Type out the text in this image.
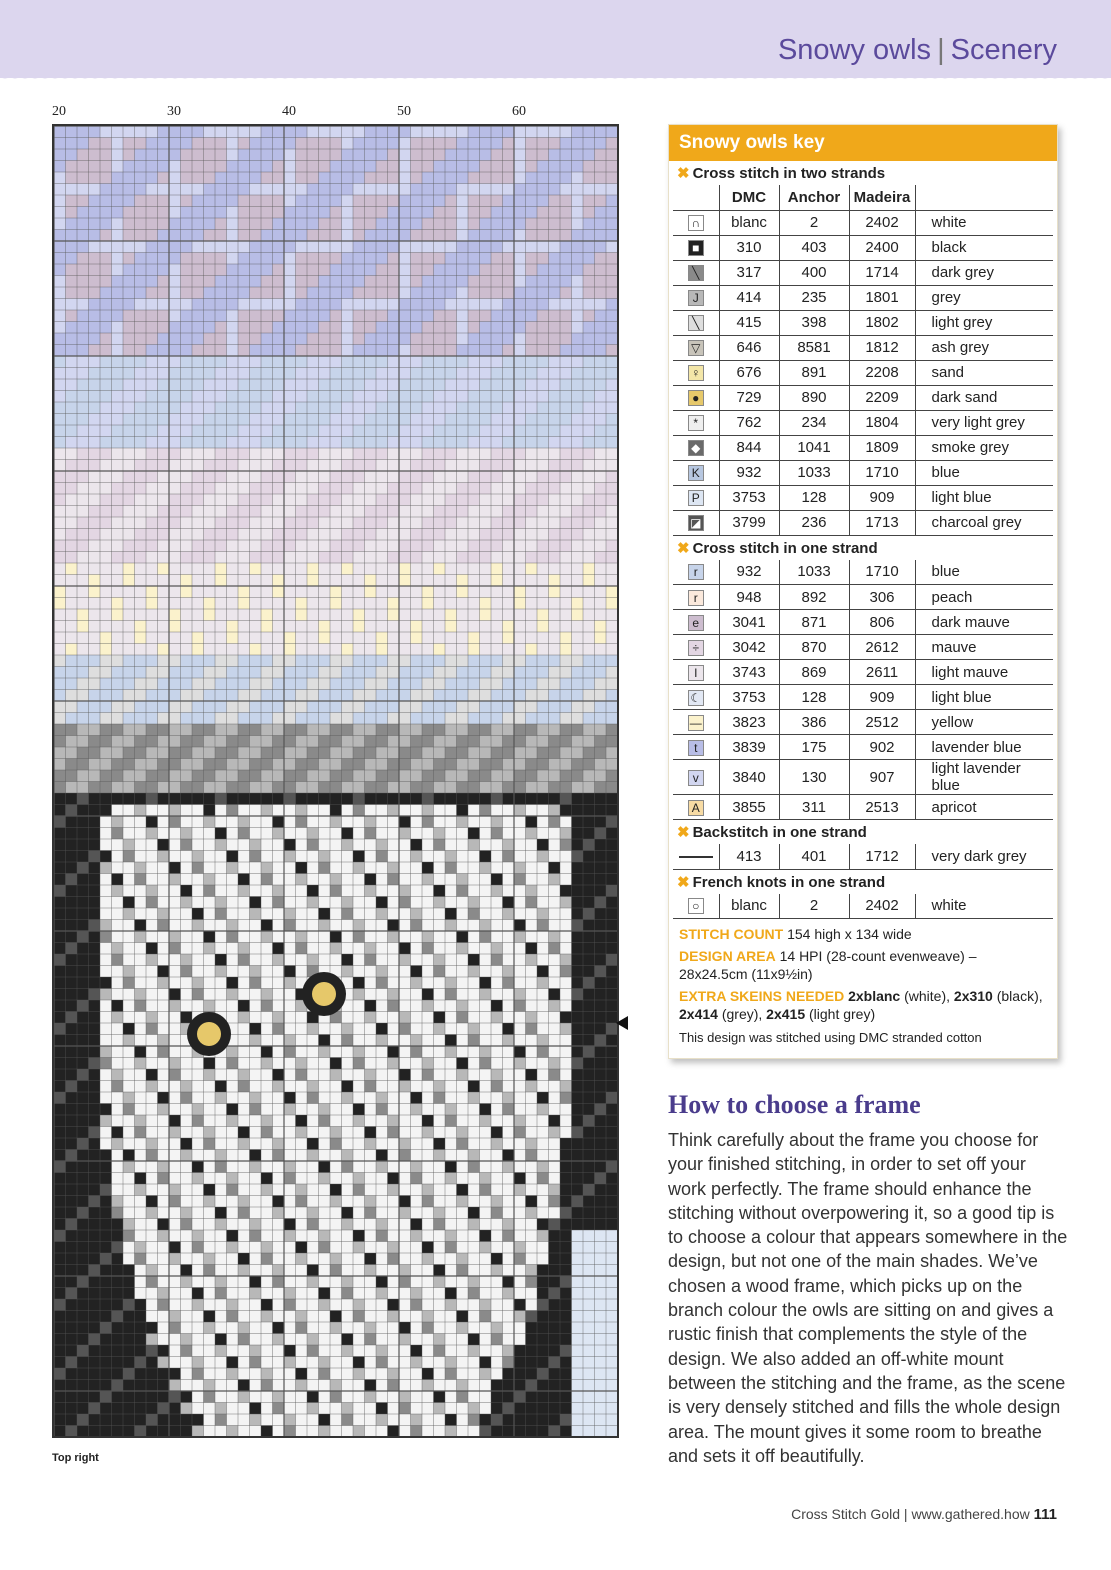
Snowy owls | Scenery
20	30	40	50	60
Top right
Snowy owls key
✖ Cross stitch in two strands
	DMC	Anchor	Madeira	
∩	blanc	2	2402	white
■	310	403	2400	black
╲	317	400	1714	dark grey
J	414	235	1801	grey
╲	415	398	1802	light grey
▽	646	8581	1812	ash grey
♀	676	891	2208	sand
●	729	890	2209	dark sand
*	762	234	1804	very light grey
◆	844	1041	1809	smoke grey
K	932	1033	1710	blue
P	3753	128	909	light blue
◪	3799	236	1713	charcoal grey
✖ Cross stitch in one strand
r	932	1033	1710	blue
r	948	892	306	peach
e	3041	871	806	dark mauve
÷	3042	870	2612	mauve
I	3743	869	2611	light mauve
☾	3753	128	909	light blue
—	3823	386	2512	yellow
t	3839	175	902	lavender blue
v	3840	130	907	light lavender blue
A	3855	311	2513	apricot
✖ Backstitch in one strand
	413	401	1712	very dark grey
✖ French knots in one strand
○	blanc	2	2402	white

STITCH COUNT 154 high x 134 wide

DESIGN AREA 14 HPI (28-count evenweave) – 28x24.5cm (11x9½in)

EXTRA SKEINS NEEDED 2xblanc (white), 2x310 (black), 2x414 (grey), 2x415 (light grey)

This design was stitched using DMC stranded cotton

How to choose a frame
Think carefully about the frame you choose for your finished stitching, in order to set off your work perfectly. The frame should enhance the stitching without overpowering it, so a good tip is to choose a colour that appears somewhere in the design, but not one of the main shades. We’ve chosen a wood frame, which picks up on the branch colour the owls are sitting on and gives a rustic finish that complements the style of the design. We also added an off-white mount between the stitching and the frame, as the scene is very densely stitched and fills the whole design area. The mount gives it some room to breathe and sets it off beautifully.
Cross Stitch Gold | www.gathered.how 111
